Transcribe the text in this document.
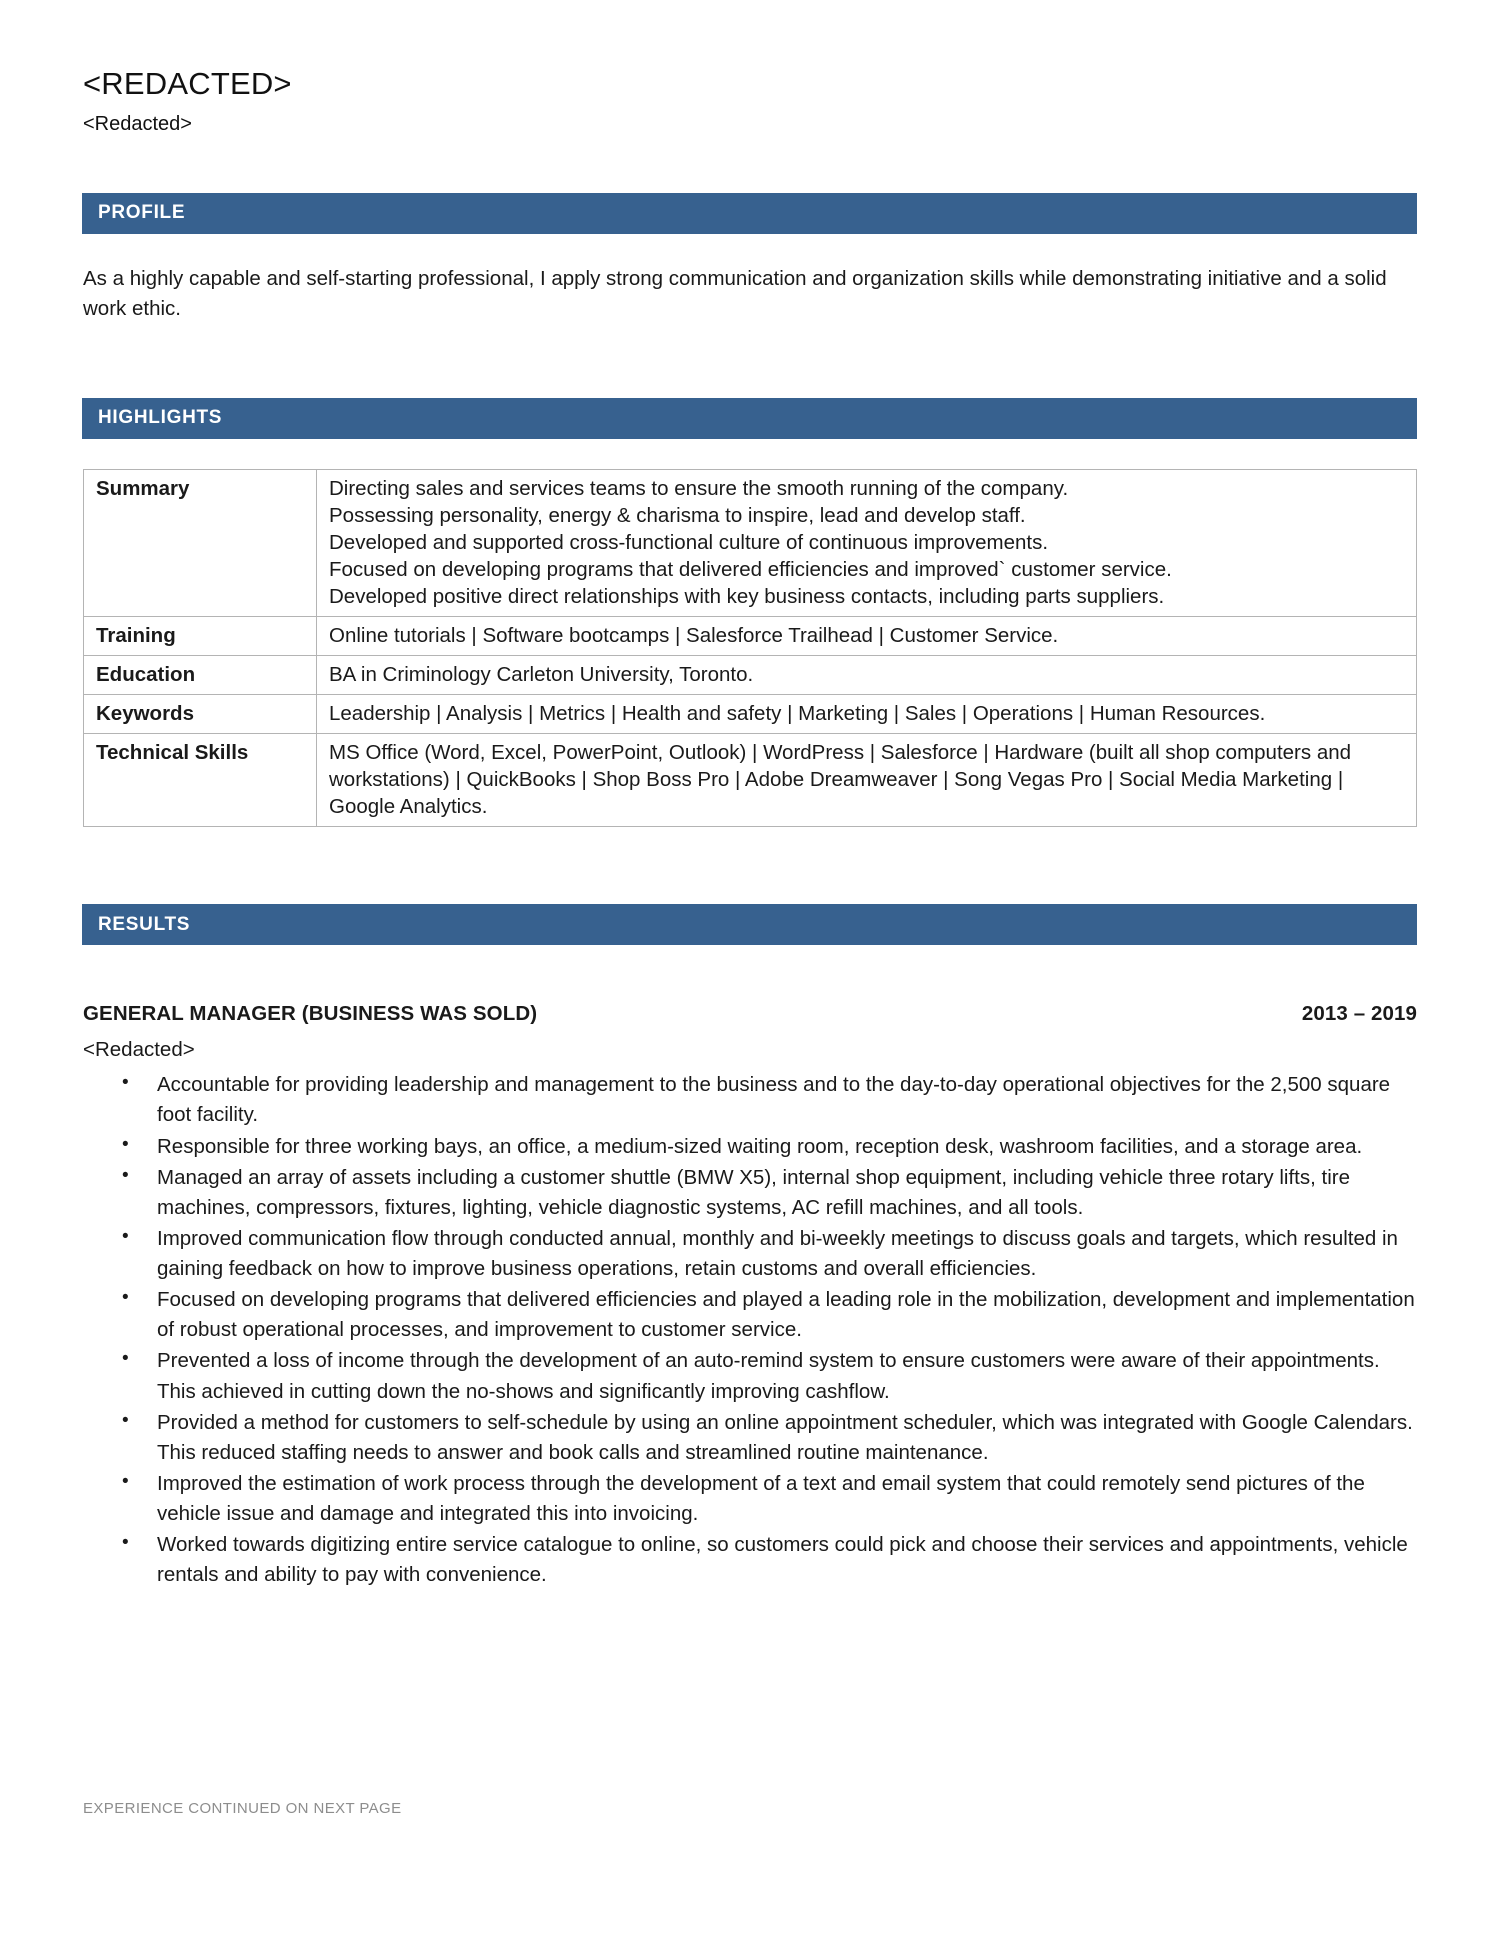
<REDACTED>
<Redacted>
PROFILE

As a highly capable and self-starting professional, I apply strong communication and organization skills while demonstrating initiative and a solid work ethic.

HIGHLIGHTS
Summary	Directing sales and services teams to ensure the smooth running of the company.
Possessing personality, energy & charisma to inspire, lead and develop staff.
Developed and supported cross-functional culture of continuous improvements.
Focused on developing programs that delivered efficiencies and improved` customer service.
Developed positive direct relationships with key business contacts, including parts suppliers.

Training	Online tutorials | Software bootcamps | Salesforce Trailhead | Customer Service.

Education	BA in Criminology Carleton University, Toronto.

Keywords	Leadership | Analysis | Metrics | Health and safety | Marketing | Sales | Operations | Human Resources.

Technical Skills	MS Office (Word, Excel, PowerPoint, Outlook) | WordPress | Salesforce | Hardware (built all shop computers and workstations) | QuickBooks | Shop Boss Pro | Adobe Dreamweaver | Song Vegas Pro | Social Media Marketing | Google Analytics.
RESULTS
GENERAL MANAGER (BUSINESS WAS SOLD)	2013 – 2019
<Redacted>
• Accountable for providing leadership and management to the business and to the day-to-day operational objectives for the 2,500 square foot facility.
• Responsible for three working bays, an office, a medium-sized waiting room, reception desk, washroom facilities, and a storage area.
• Managed an array of assets including a customer shuttle (BMW X5), internal shop equipment, including vehicle three rotary lifts, tire machines, compressors, fixtures, lighting, vehicle diagnostic systems, AC refill machines, and all tools.
• Improved communication flow through conducted annual, monthly and bi-weekly meetings to discuss goals and targets, which resulted in gaining feedback on how to improve business operations, retain customs and overall efficiencies.
• Focused on developing programs that delivered efficiencies and played a leading role in the mobilization, development and implementation of robust operational processes, and improvement to customer service.
• Prevented a loss of income through the development of an auto-remind system to ensure customers were aware of their appointments. This achieved in cutting down the no-shows and significantly improving cashflow.
• Provided a method for customers to self-schedule by using an online appointment scheduler, which was integrated with Google Calendars. This reduced staffing needs to answer and book calls and streamlined routine maintenance.
• Improved the estimation of work process through the development of a text and email system that could remotely send pictures of the vehicle issue and damage and integrated this into invoicing.
• Worked towards digitizing entire service catalogue to online, so customers could pick and choose their services and appointments, vehicle rentals and ability to pay with convenience.
EXPERIENCE CONTINUED ON NEXT PAGE
